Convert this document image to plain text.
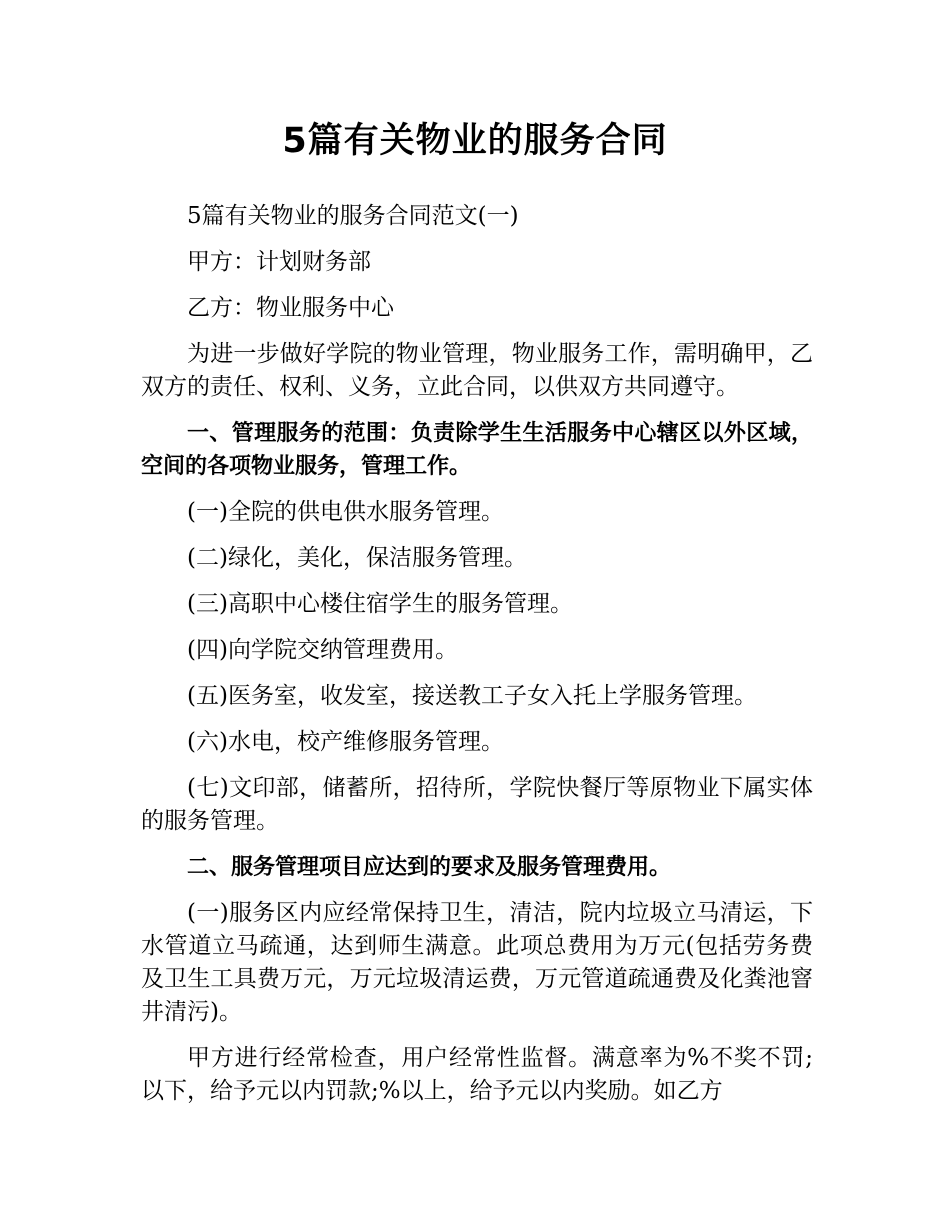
5篇有关物业的服务合同

5篇有关物业的服务合同范文(一)

甲方：计划财务部

乙方：物业服务中心

为进一步做好学院的物业管理，物业服务工作，需明确甲，乙双方的责任、权利、义务，立此合同，以供双方共同遵守。

一、管理服务的范围：负责除学生生活服务中心辖区以外区域，空间的各项物业服务，管理工作。

(一)全院的供电供水服务管理。

(二)绿化，美化，保洁服务管理。

(三)高职中心楼住宿学生的服务管理。

(四)向学院交纳管理费用。

(五)医务室，收发室，接送教工子女入托上学服务管理。

(六)水电，校产维修服务管理。

(七)文印部，储蓄所，招待所，学院快餐厅等原物业下属实体的服务管理。

二、服务管理项目应达到的要求及服务管理费用。

(一)服务区内应经常保持卫生，清洁，院内垃圾立马清运，下水管道立马疏通，达到师生满意。此项总费用为万元(包括劳务费及卫生工具费万元，万元垃圾清运费，万元管道疏通费及化粪池窨井清污)。

甲方进行经常检查，用户经常性监督。满意率为%不奖不罚;以下，给予元以内罚款;%以上，给予元以内奖励。如乙方
